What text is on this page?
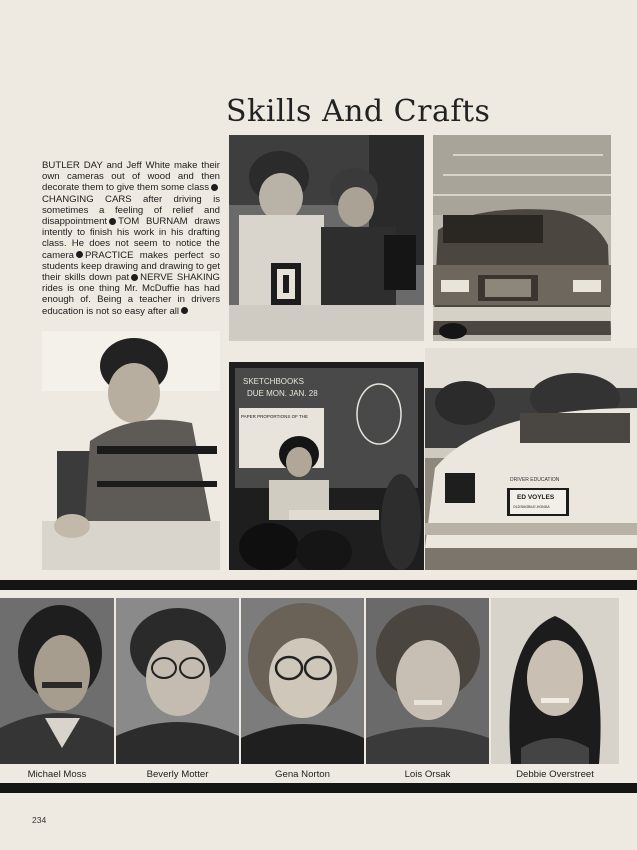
Skills And Crafts

BUTLER DAY and Jeff White make their own cameras out of wood and then decorate them to give them some classCHANGING CARS after driving is sometimes a feeling of relief and disappointment TOM BURNAM draws intently to finish his work in his drafting class. He does not seem to notice the camera PRACTICE makes perfect so students keep drawing and drawing to get their skills down pat NERVE SHAKING rides is one thing Mr. McDuffie has had enough of. Being a teacher in drivers education is not so easy after all

SKETCHBOOKS
DUE MON. JAN. 28
PAPER PROPORTIONS OF THE
DRIVER EDUCATION
ED VOYLES
OLDSMOBILE-HONDA

Michael Moss	Beverly Motter	Gena Norton	Lois Orsak	Debbie Overstreet

234
